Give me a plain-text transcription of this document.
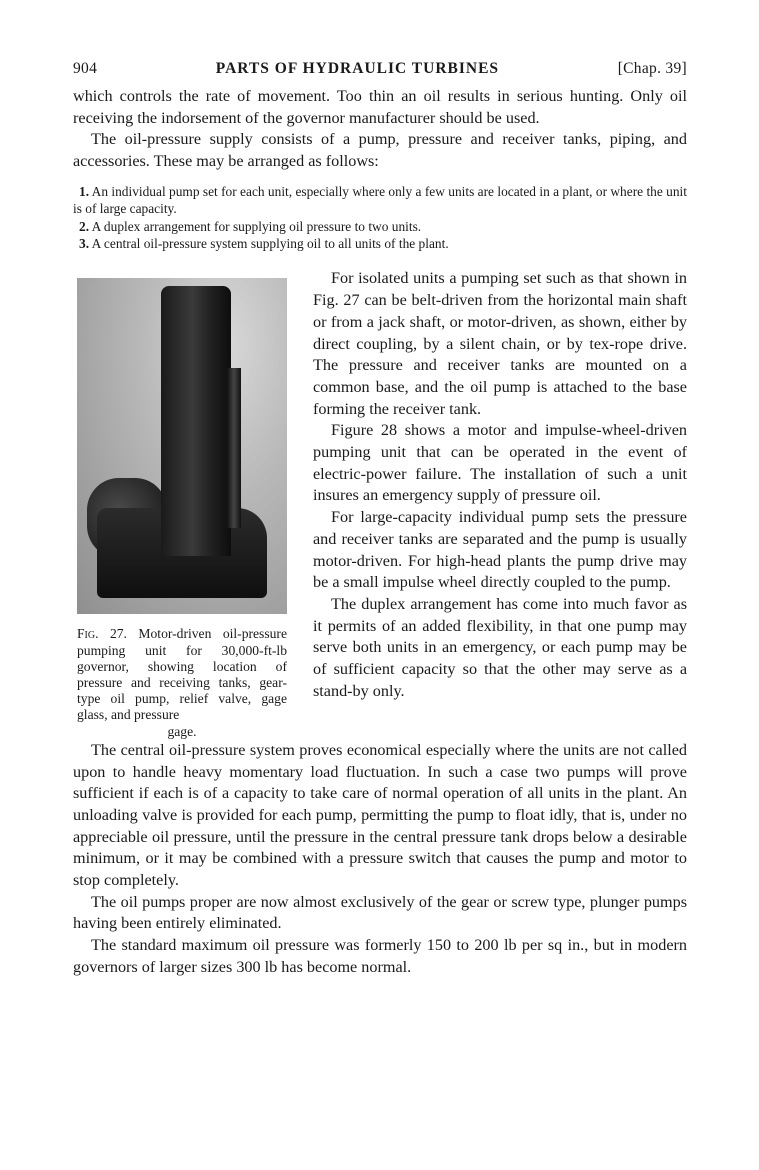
904	PARTS OF HYDRAULIC TURBINES	[Chap. 39]

which controls the rate of movement. Too thin an oil results in serious hunting. Only oil receiving the indorsement of the governor manufacturer should be used.

The oil-pressure supply consists of a pump, pressure and receiver tanks, piping, and accessories. These may be arranged as follows:

1. An individual pump set for each unit, especially where only a few units are located in a plant, or where the unit is of large capacity.
2. A duplex arrangement for supplying oil pressure to two units.
3. A central oil-pressure system supplying oil to all units of the plant.
Fig. 27. Motor-driven oil-pressure pumping unit for 30,000-ft-lb governor, showing location of pressure and receiving tanks, gear-type oil pump, relief valve, gage glass, and pressure
gage.

For isolated units a pumping set such as that shown in Fig. 27 can be belt-driven from the horizontal main shaft or from a jack shaft, or motor-driven, as shown, either by direct coupling, by a silent chain, or by tex-rope drive. The pressure and receiver tanks are mounted on a common base, and the oil pump is attached to the base forming the receiver tank.

Figure 28 shows a motor and impulse-wheel-driven pumping unit that can be operated in the event of electric-power failure. The installation of such a unit insures an emergency supply of pressure oil.

For large-capacity individual pump sets the pressure and receiver tanks are separated and the pump is usually motor-driven. For high-head plants the pump drive may be a small impulse wheel directly coupled to the pump.

The duplex arrangement has come into much favor as it permits of an added flexibility, in that one pump may serve both units in an emergency, or each pump may be of sufficient capacity so that the other may serve as a stand-by only.

The central oil-pressure system proves economical especially where the units are not called upon to handle heavy momentary load fluctuation. In such a case two pumps will prove sufficient if each is of a capacity to take care of normal operation of all units in the plant. An unloading valve is provided for each pump, permitting the pump to float idly, that is, under no appreciable oil pressure, until the pressure in the central pressure tank drops below a desirable minimum, or it may be combined with a pressure switch that causes the pump and motor to stop completely.

The oil pumps proper are now almost exclusively of the gear or screw type, plunger pumps having been entirely eliminated.

The standard maximum oil pressure was formerly 150 to 200 lb per sq in., but in modern governors of larger sizes 300 lb has become normal.
